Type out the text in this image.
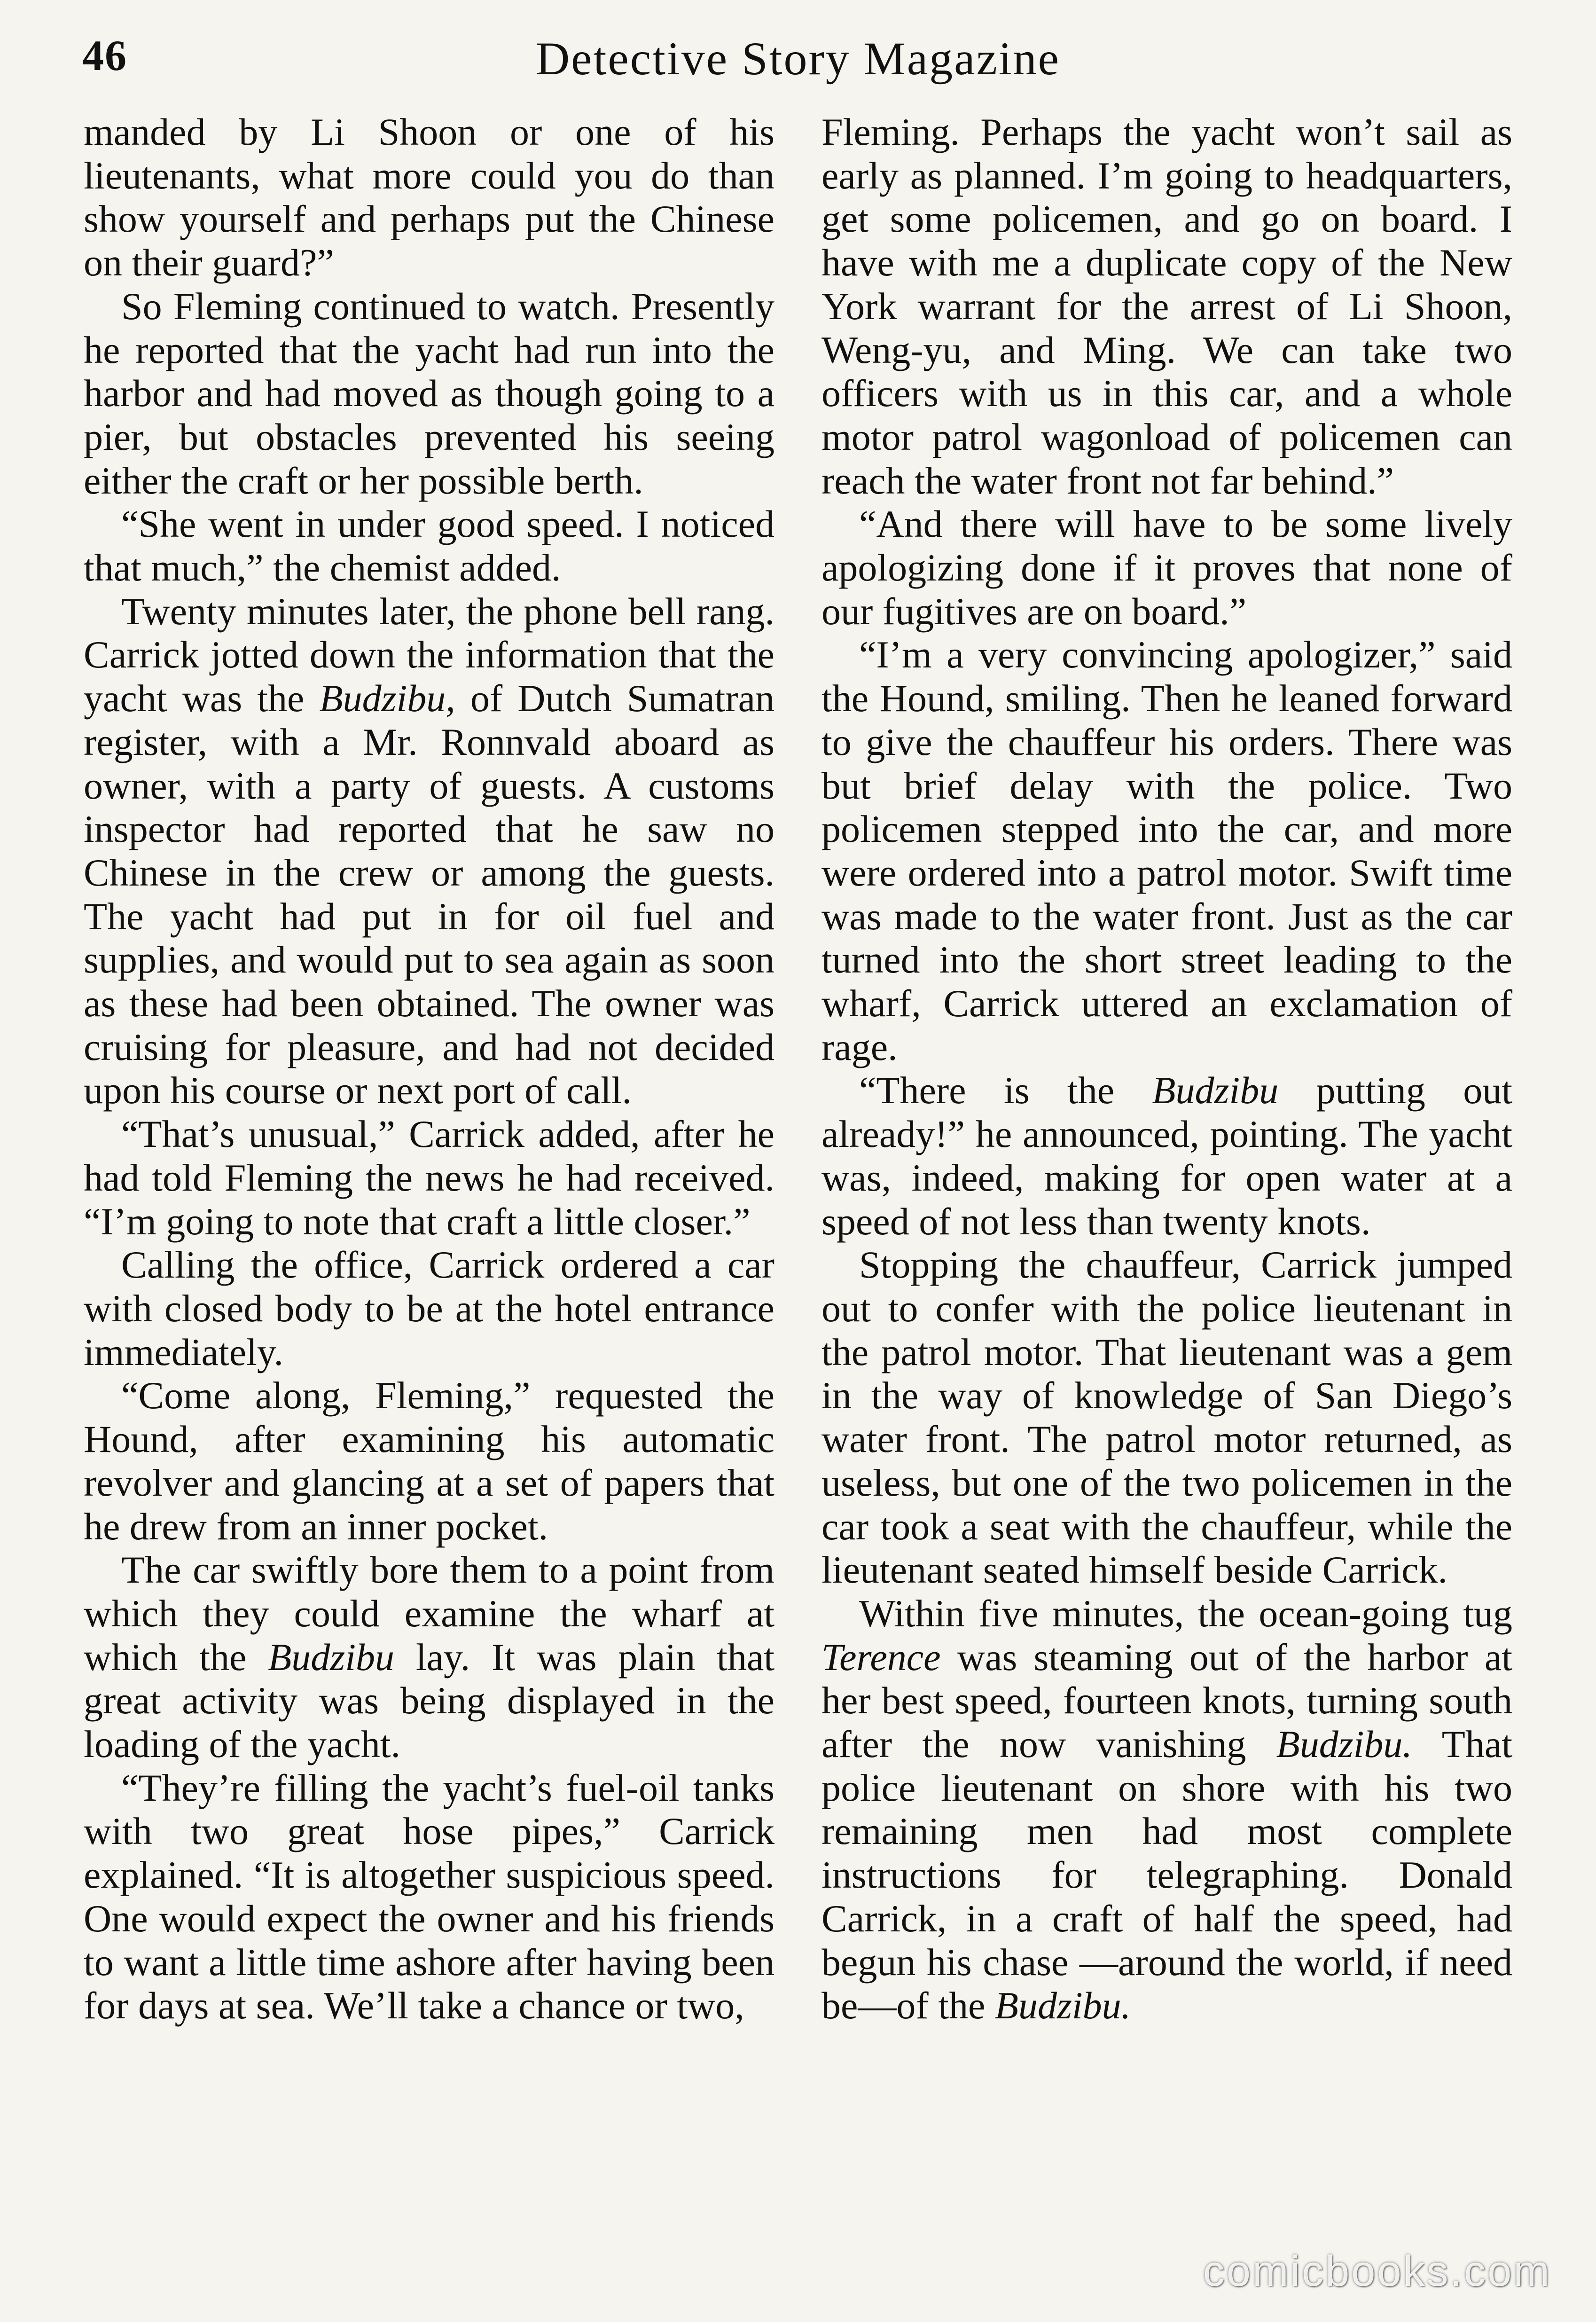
46	Detective Story Magazine

manded by Li Shoon or one of his lieutenants, what more could you do than show yourself and perhaps put the Chinese on their guard?”

So Fleming continued to watch. Presently he reported that the yacht had run into the harbor and had moved as though going to a pier, but obstacles prevented his seeing either the craft or her possible berth.

“She went in under good speed. I noticed that much,” the chemist added.

Twenty minutes later, the phone bell rang. Carrick jotted down the information that the yacht was the Budzibu, of Dutch Sumatran register, with a Mr. Ronnvald aboard as owner, with a party of guests. A customs inspector had reported that he saw no Chinese in the crew or among the guests. The yacht had put in for oil fuel and supplies, and would put to sea again as soon as these had been obtained. The owner was cruising for pleasure, and had not decided upon his course or next port of call.

“That’s unusual,” Carrick added, after he had told Fleming the news he had received. “I’m going to note that craft a little closer.”

Calling the office, Carrick ordered a car with closed body to be at the hotel entrance immediately.

“Come along, Fleming,” requested the Hound, after examining his automatic revolver and glancing at a set of papers that he drew from an inner pocket.

The car swiftly bore them to a point from which they could examine the wharf at which the Budzibu lay. It was plain that great activity was being displayed in the loading of the yacht.

“They’re filling the yacht’s fuel-oil tanks with two great hose pipes,” Carrick explained. “It is altogether suspicious speed. One would expect the owner and his friends to want a little time ashore after having been for days at sea. We’ll take a chance or two,

Fleming. Perhaps the yacht won’t sail as early as planned. I’m going to headquarters, get some policemen, and go on board. I have with me a duplicate copy of the New York warrant for the arrest of Li Shoon, Weng-yu, and Ming. We can take two officers with us in this car, and a whole motor patrol wagonload of policemen can reach the water front not far behind.”

“And there will have to be some lively apologizing done if it proves that none of our fugitives are on board.”

“I’m a very convincing apologizer,” said the Hound, smiling. Then he leaned forward to give the chauffeur his orders. There was but brief delay with the police. Two policemen stepped into the car, and more were ordered into a patrol motor. Swift time was made to the water front. Just as the car turned into the short street leading to the wharf, Carrick uttered an exclamation of rage.

“There is the Budzibu putting out already!” he announced, pointing. The yacht was, indeed, making for open water at a speed of not less than twenty knots.

Stopping the chauffeur, Carrick jumped out to confer with the police lieutenant in the patrol motor. That lieutenant was a gem in the way of knowledge of San Diego’s water front. The patrol motor returned, as useless, but one of the two policemen in the car took a seat with the chauffeur, while the lieutenant seated himself beside Carrick.

Within five minutes, the ocean-going tug Terence was steaming out of the harbor at her best speed, fourteen knots, turning south after the now vanishing Budzibu. That police lieutenant on shore with his two remaining men had most complete instructions for telegraphing. Donald Carrick, in a craft of half the speed, had begun his chase —around the world, if need be—of the Budzibu.

comicbooks.com
